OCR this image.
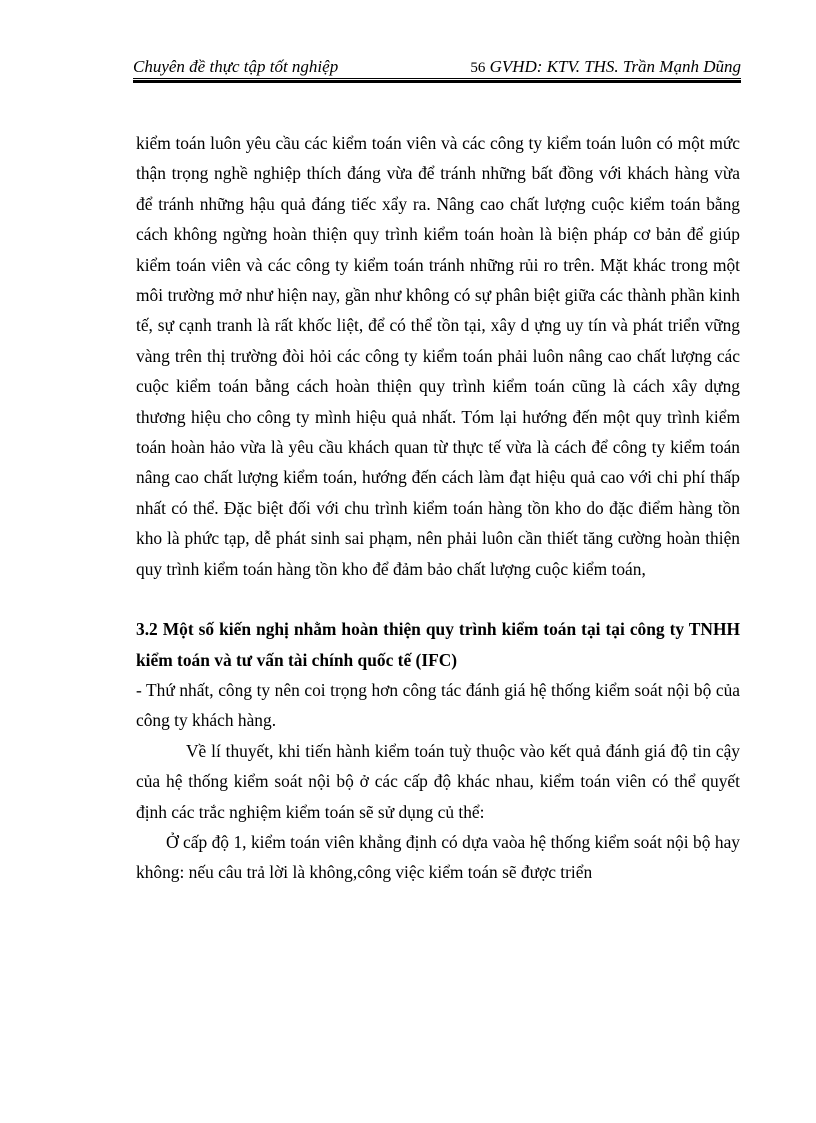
Chuyên đề thực tập tốt nghiệp	56 GVHD: KTV. THS. Trần Mạnh Dũng

kiểm toán luôn yêu cầu các kiểm toán viên và các công ty kiểm toán luôn có một mức thận trọng nghề nghiệp thích đáng vừa để tránh những bất đồng với khách hàng vừa để tránh những hậu quả đáng tiếc xẩy ra. Nâng cao chất lượng cuộc kiểm toán bằng cách không ngừng hoàn thiện quy trình kiểm toán hoàn là biện pháp cơ bản để giúp kiểm toán viên và các công ty kiểm toán tránh những rủi ro trên. Mặt khác trong một môi trường mở như hiện nay, gần như không có sự phân biệt giữa các thành phần kinh tế, sự cạnh tranh là rất khốc liệt, để có thể tồn tại, xây d ựng uy tín và phát triển vững vàng trên thị trường đòi hỏi các công ty kiểm toán phải luôn nâng cao chất lượng các cuộc kiểm toán bằng cách hoàn thiện quy trình kiểm toán cũng là cách xây dựng thương hiệu cho công ty mình hiệu quả nhất. Tóm lại hướng đến một quy trình kiểm toán hoàn hảo vừa là yêu cầu khách quan từ thực tế vừa là cách để công ty kiểm toán nâng cao chất lượng kiểm toán, hướng đến cách làm đạt hiệu quả cao với chi phí thấp nhất có thể. Đặc biệt đối với chu trình kiểm toán hàng tồn kho do đặc điểm hàng tồn kho là phức tạp, dễ phát sinh sai phạm, nên phải luôn cần thiết tăng cường hoàn thiện quy trình kiểm toán hàng tồn kho để đảm bảo chất lượng cuộc kiểm toán,

3.2 Một số kiến nghị nhằm hoàn thiện quy trình kiểm toán tại tại công ty TNHH kiểm toán và tư vấn tài chính quốc tế (IFC)

- Thứ nhất, công ty nên coi trọng hơn công tác đánh giá hệ thống kiểm soát nội bộ của công ty khách hàng.

Về lí thuyết, khi tiến hành kiểm toán tuỳ thuộc vào kết quả đánh giá độ tin cậy của hệ thống kiểm soát nội bộ ở các cấp độ khác nhau, kiểm toán viên có thể quyết định các trắc nghiệm kiểm toán sẽ sử dụng củ thể:

Ở cấp độ 1, kiểm toán viên khẳng định có dựa vaòa hệ thống kiểm soát nội bộ hay không: nếu câu trả lời là không,công việc kiểm toán sẽ được triển
